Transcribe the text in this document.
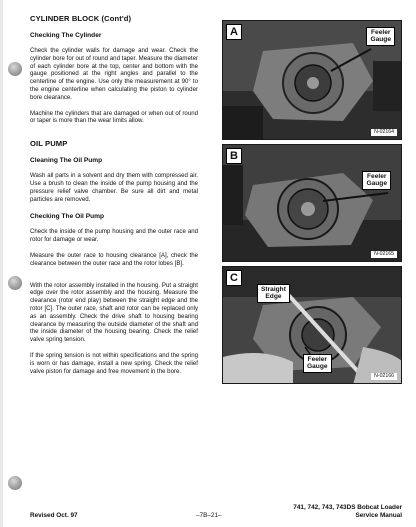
CYLINDER BLOCK (Cont'd)
Checking The Cylinder

Check the cylinder walls for damage and wear. Check the cylinder bore for out of round and taper. Measure the diameter of each cylinder bore at the top, center and bottom with the gauge positioned at the right angles and parallel to the centerline of the engine. Use only the measurement at 90° to the engine centerline when calculating the piston to cylinder bore clearance.

Machine the cylinders that are damaged or when out of round or taper is more than the wear limits allow.

OIL PUMP
Cleaning The Oil Pump

Wash all parts in a solvent and dry them with compressed air. Use a brush to clean the inside of the pump housing and the pressure relief valve chamber. Be sure all dirt and metal particles are removed.

Checking The Oil Pump

Check the inside of the pump housing and the outer race and rotor for damage or wear.

Measure the outer race to housing clearance [A], check the clearance between the outer race and the rotor lobes [B].

With the rotor assembly installed in the housing. Put a straight edge over the rotor assembly and the housing. Measure the clearance (rotor end play) between the straight edge and the rotor [C]. The outer race, shaft and rotor can be replaced only as an assembly. Check the drive shaft to housing bearing clearance by measuring the outside diameter of the shaft and the inside diameter of the housing bearing. Check the relief valve spring tension.

If the spring tension is not within specifications and the spring is worn or has damage, install a new spring. Check the relief valve piston for damage and free movement in the bore.

A	Feeler
Gauge
N-02164
B
Feeler
Gauge
N-02165
C
Straight
Edge
Feeler
Gauge
N-02166
Revised Oct. 97	–7B–21–
741, 742, 743, 743DS Bobcat Loader
Service Manual
